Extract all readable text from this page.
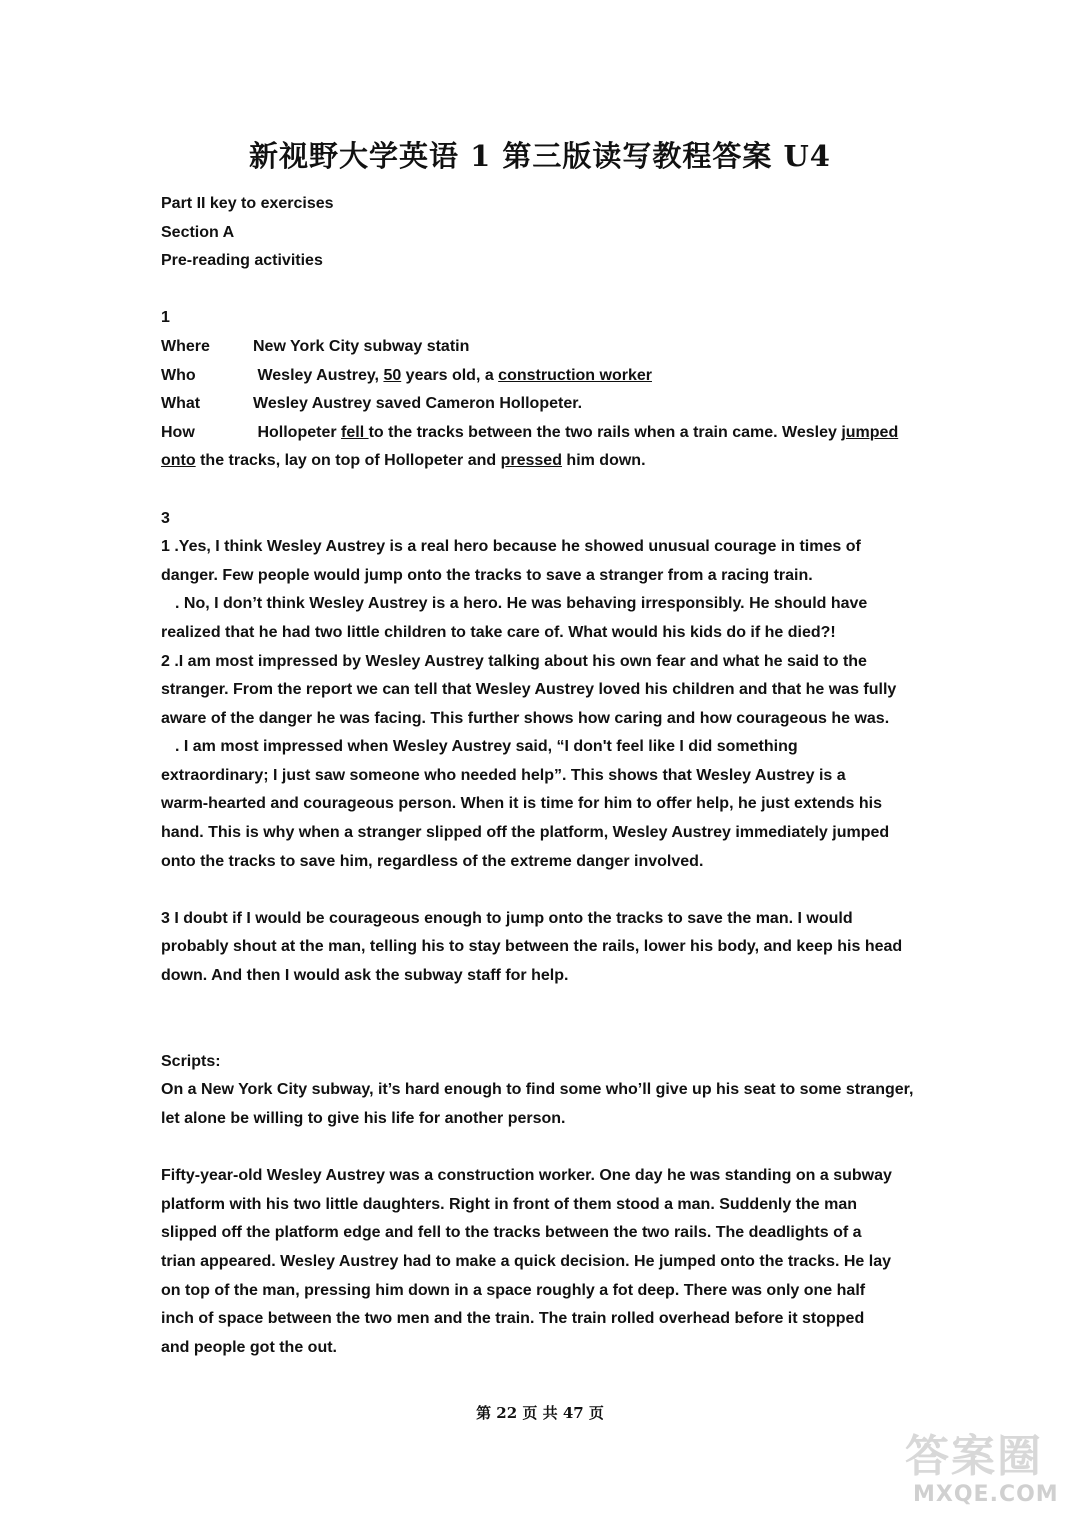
新视野大学英语 1 第三版读写教程答案 U4

Part II key to exercises

Section A

Pre-reading activities

1

Where	New York City subway statin
Who	Wesley Austrey, 50 years old, a construction worker
What	Wesley Austrey saved Cameron Hollopeter.
How	Hollopeter fell to the tracks between the two rails when a train came. Wesley jumped

onto the tracks, lay on top of Hollopeter and pressed him down.

3

1 .Yes, I think Wesley Austrey is a real hero because he showed unusual courage in times of

danger. Few people would jump onto the tracks to save a stranger from a racing train.

. No, I don’t think Wesley Austrey is a hero. He was behaving irresponsibly. He should have

realized that he had two little children to take care of. What would his kids do if he died?!

2 .I am most impressed by Wesley Austrey talking about his own fear and what he said to the

stranger. From the report we can tell that Wesley Austrey loved his children and that he was fully

aware of the danger he was facing. This further shows how caring and how courageous he was.

. I am most impressed when Wesley Austrey said, “I don't feel like I did something

extraordinary; I just saw someone who needed help”. This shows that Wesley Austrey is a

warm-hearted and courageous person. When it is time for him to offer help, he just extends his

hand. This is why when a stranger slipped off the platform, Wesley Austrey immediately jumped

onto the tracks to save him, regardless of the extreme danger involved.

3 I doubt if I would be courageous enough to jump onto the tracks to save the man. I would

probably shout at the man, telling his to stay between the rails, lower his body, and keep his head

down. And then I would ask the subway staff for help.

Scripts:

On a New York City subway, it’s hard enough to find some who’ll give up his seat to some stranger,

let alone be willing to give his life for another person.

Fifty-year-old Wesley Austrey was a construction worker. One day he was standing on a subway

platform with his two little daughters. Right in front of them stood a man. Suddenly the man

slipped off the platform edge and fell to the tracks between the two rails. The deadlights of a

trian appeared. Wesley Austrey had to make a quick decision. He jumped onto the tracks. He lay

on top of the man, pressing him down in a space roughly a fot deep. There was only one half

inch of space between the two men and the train. The train rolled overhead before it stopped

and people got the out.

第 22 页 共 47 页
答案圈
MXQE.COM
